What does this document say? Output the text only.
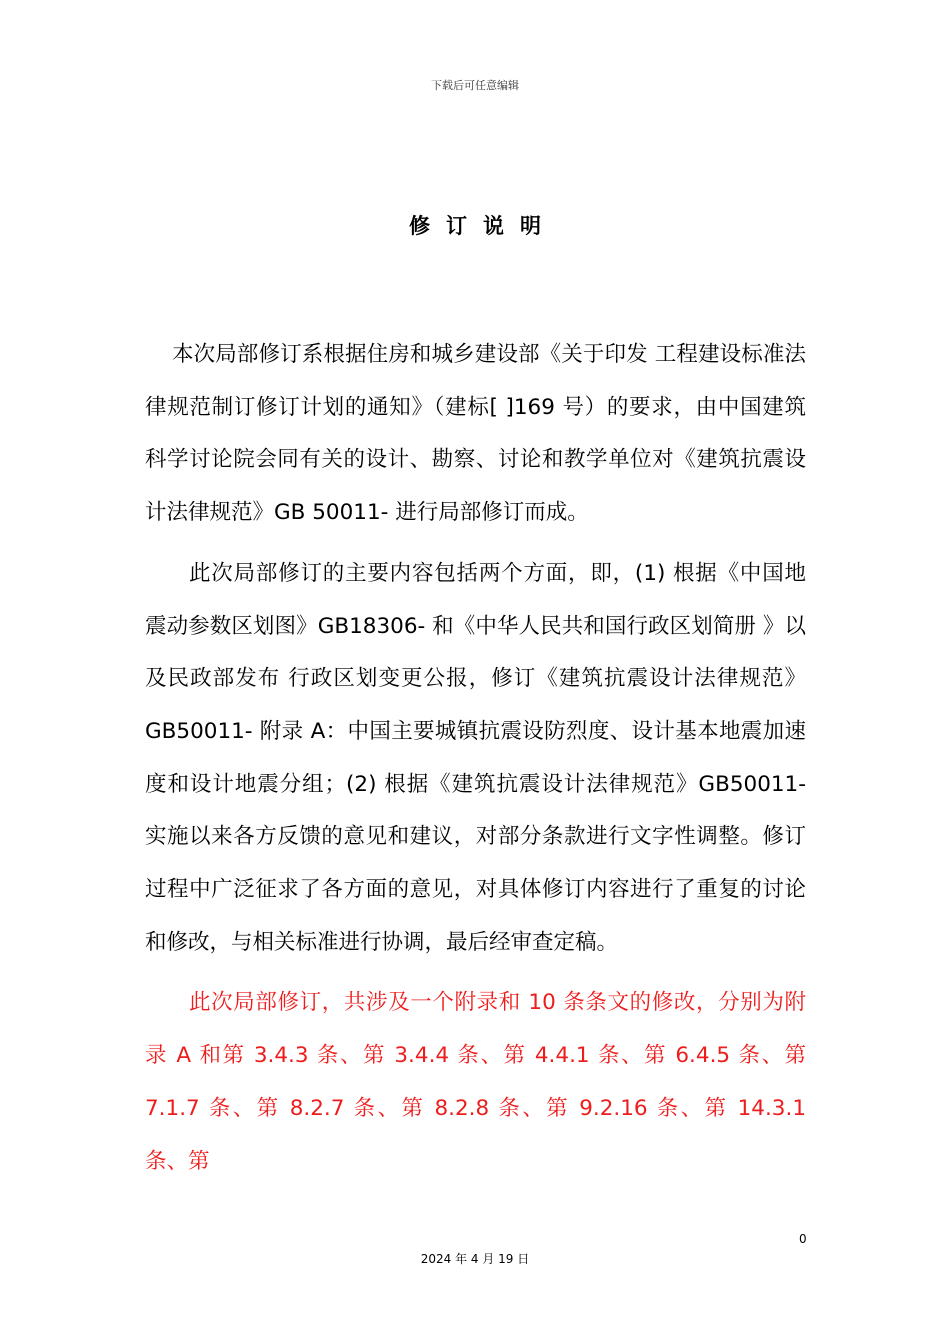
下载后可任意编辑
修订说明

本次局部修订系根据住房和城乡建设部《关于印发 工程建设标准法律规范制订修订计划的通知》（建标[ ]169 号）的要求，由中国建筑科学讨论院会同有关的设计、勘察、讨论和教学单位对《建筑抗震设计法律规范》GB 50011- 进行局部修订而成。

此次局部修订的主要内容包括两个方面，即，(1) 根据《中国地震动参数区划图》GB18306- 和《中华人民共和国行政区划简册 》以及民政部发布 行政区划变更公报，修订《建筑抗震设计法律规范》GB50011- 附录 A：中国主要城镇抗震设防烈度、设计基本地震加速度和设计地震分组；(2) 根据《建筑抗震设计法律规范》GB50011- 实施以来各方反馈的意见和建议，对部分条款进行文字性调整。修订过程中广泛征求了各方面的意见，对具体修订内容进行了重复的讨论和修改，与相关标准进行协调，最后经审查定稿。

此次局部修订，共涉及一个附录和 10 条条文的修改，分别为附录 A 和第 3.4.3 条、第 3.4.4 条、第 4.4.1 条、第 6.4.5 条、第 7.1.7 条、第 8.2.7 条、第 8.2.8 条、第 9.2.16 条、第 14.3.1 条、第

0
2024 年 4 月 19 日
